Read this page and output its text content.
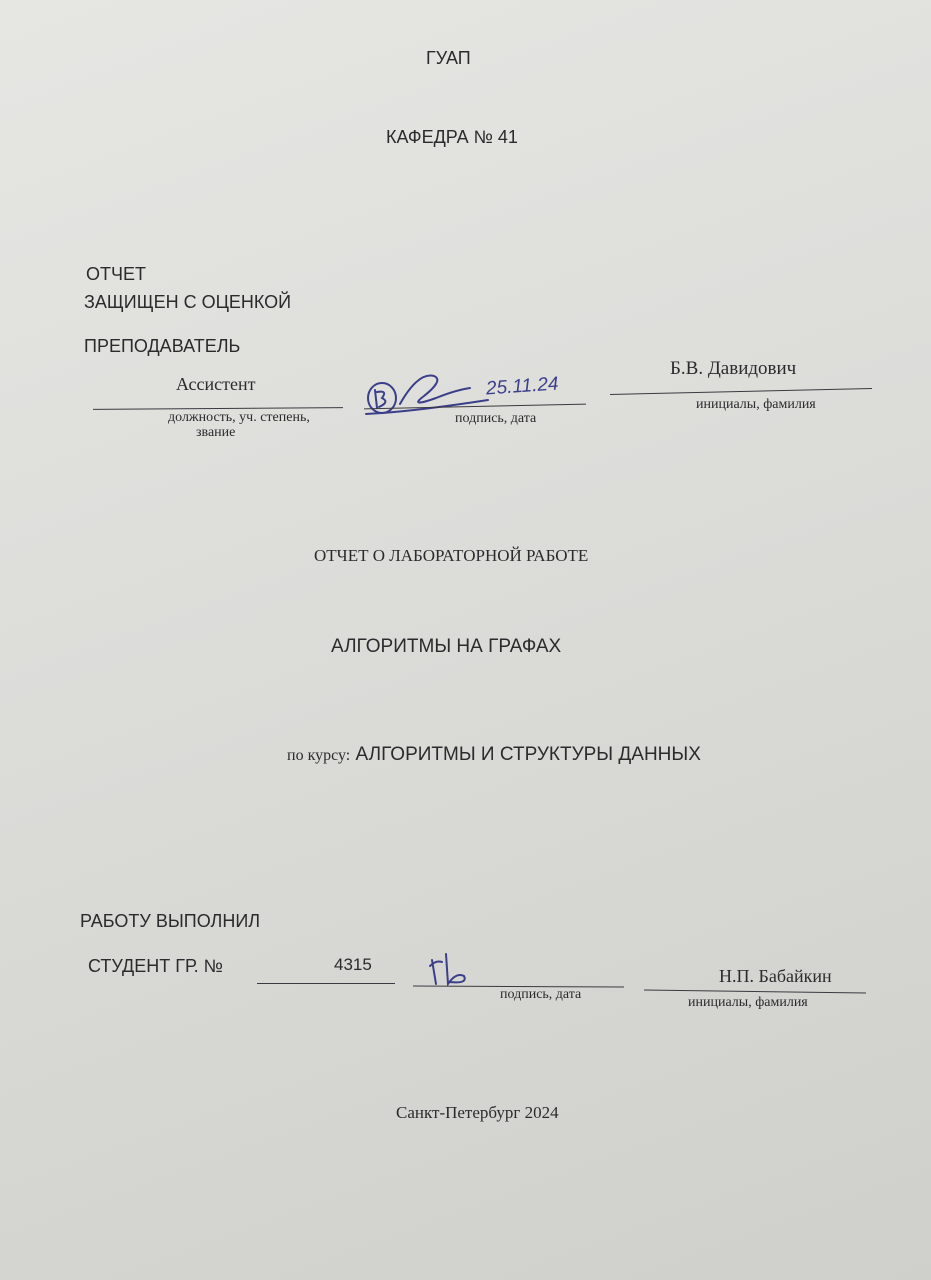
ГУАП
КАФЕДРА № 41
ОТЧЕТ
ЗАЩИЩЕН С ОЦЕНКОЙ
ПРЕПОДАВАТЕЛЬ
Ассистент
должность, уч. степень,
звание
25.11.24
подпись, дата
Б.В. Давидович
инициалы, фамилия
ОТЧЕТ О ЛАБОРАТОРНОЙ РАБОТЕ
АЛГОРИТМЫ НА ГРАФАХ
по курсу: АЛГОРИТМЫ И СТРУКТУРЫ ДАННЫХ
РАБОТУ ВЫПОЛНИЛ
СТУДЕНТ ГР. №	4315
подпись, дата
Н.П. Бабайкин
инициалы, фамилия
Санкт-Петербург 2024
